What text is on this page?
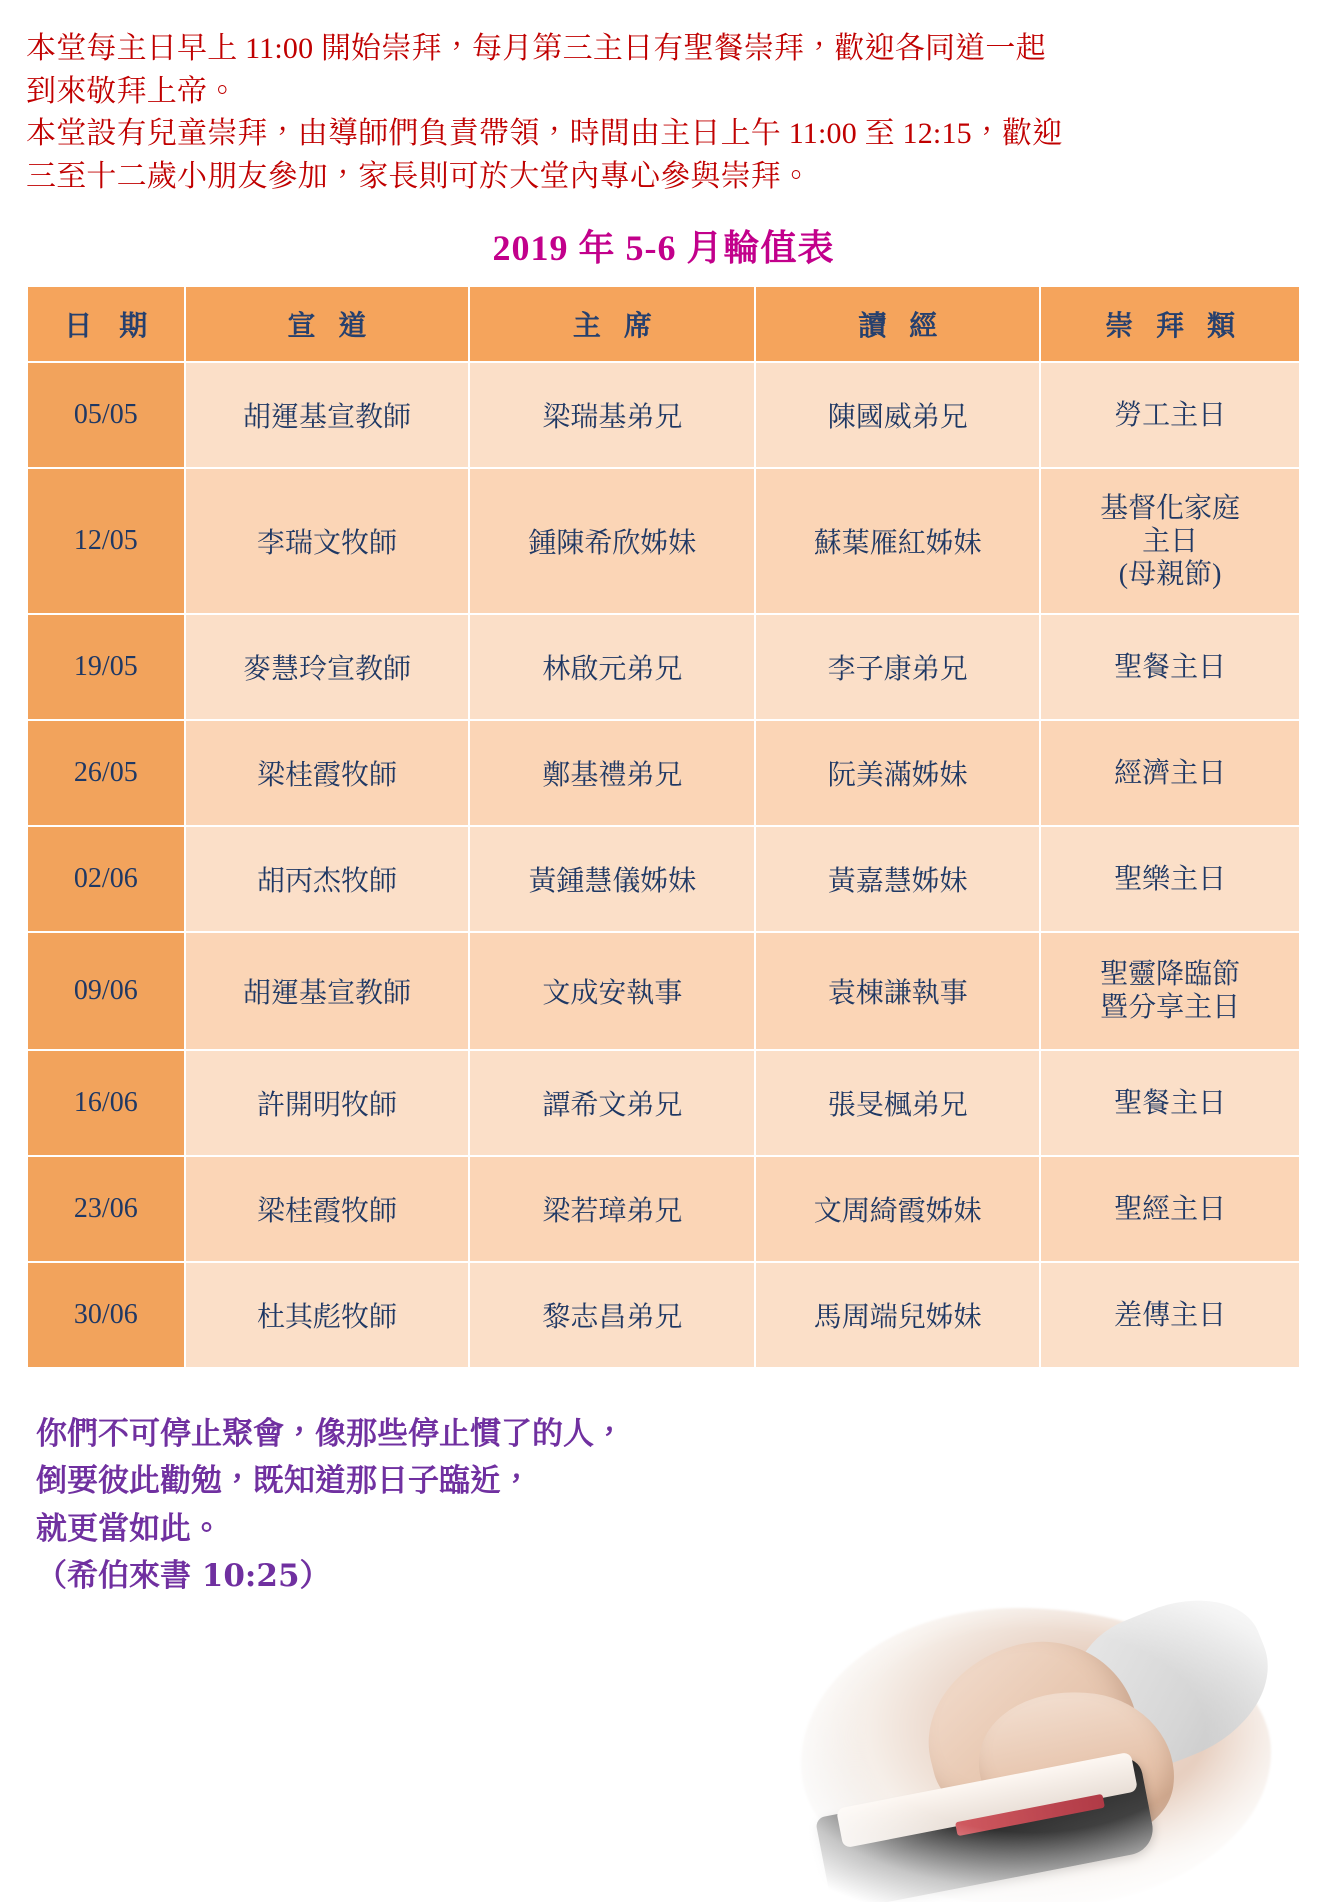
本堂每主日早上 11:00 開始崇拜，每月第三主日有聖餐崇拜，歡迎各同道一起

到來敬拜上帝。

本堂設有兒童崇拜，由導師們負責帶領，時間由主日上午 11:00 至 12:15，歡迎

三至十二歲小朋友參加，家長則可於大堂內專心參與崇拜。

2019 年 5-6 月輪值表
日 期	宣 道	主 席	讀 經	崇 拜 類
05/05	胡運基宣教師	梁瑞基弟兄	陳國威弟兄	勞工主日

12/05	李瑞文牧師	鍾陳希欣姊妹	蘇葉雁紅姊妹	基督化家庭
主日
(母親節)

19/05	麥慧玲宣教師	林啟元弟兄	李子康弟兄	聖餐主日

26/05	梁桂霞牧師	鄭基禮弟兄	阮美滿姊妹	經濟主日

02/06	胡丙杰牧師	黃鍾慧儀姊妹	黃嘉慧姊妹	聖樂主日

09/06	胡運基宣教師	文成安執事	袁棟謙執事	聖靈降臨節
暨分享主日

16/06	許開明牧師	譚希文弟兄	張旻楓弟兄	聖餐主日

23/06	梁桂霞牧師	梁若璋弟兄	文周綺霞姊妹	聖經主日

30/06	杜其彪牧師	黎志昌弟兄	馬周端兒姊妹	差傳主日

你們不可停止聚會，像那些停止慣了的人，

倒要彼此勸勉，既知道那日子臨近，

就更當如此。

（希伯來書 10:25）
